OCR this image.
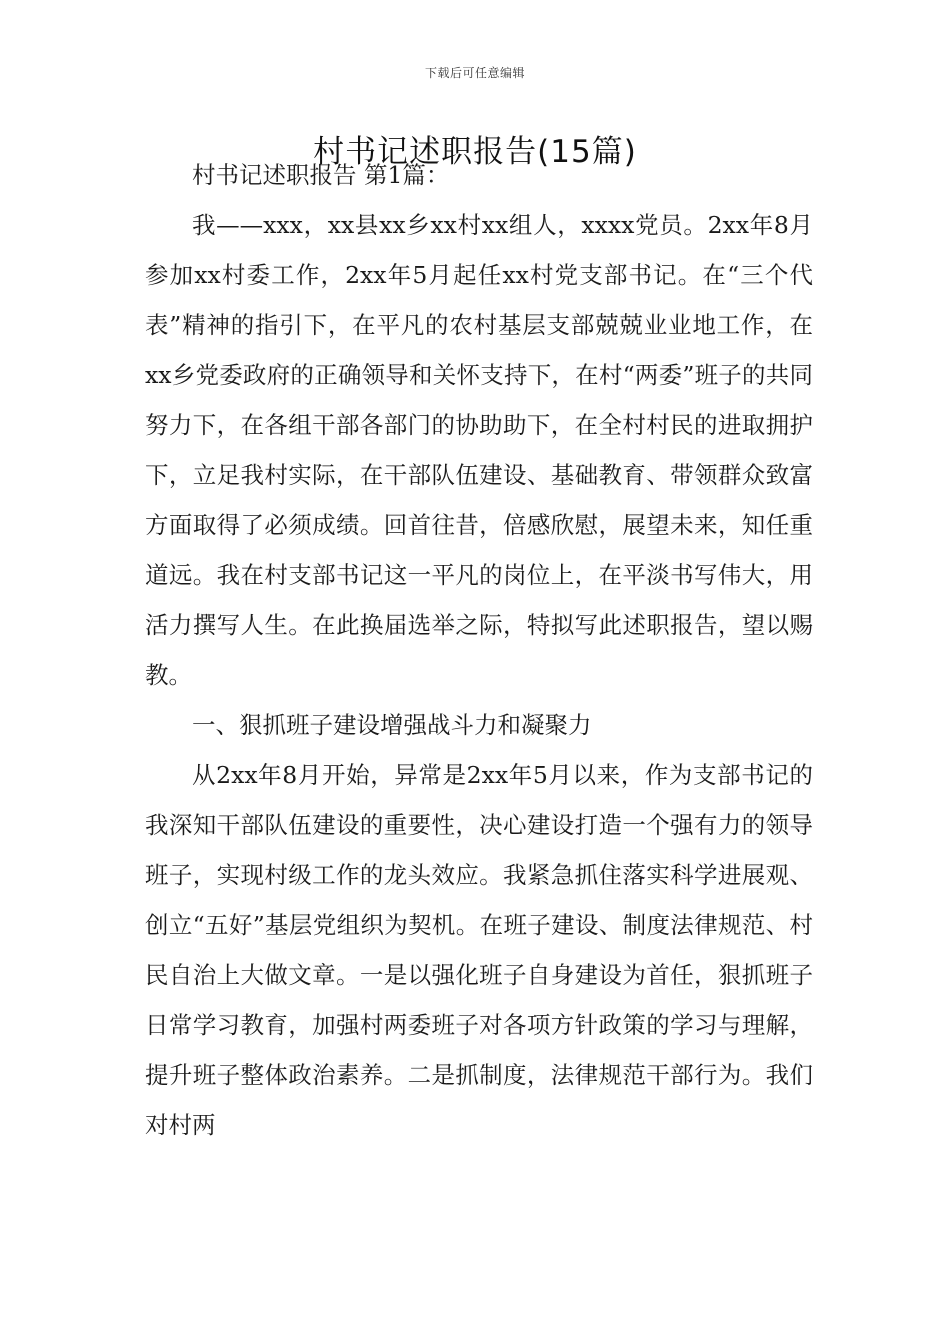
下载后可任意编辑
村书记述职报告(15篇)

村书记述职报告 第1篇：

我——xxx，xx县xx乡xx村xx组人，xxxx党员。2xx年8月参加xx村委工作，2xx年5月起任xx村党支部书记。在“三个代表”精神的指引下，在平凡的农村基层支部兢兢业业地工作，在xx乡党委政府的正确领导和关怀支持下，在村“两委”班子的共同努力下，在各组干部各部门的协助助下，在全村村民的进取拥护下，立足我村实际，在干部队伍建设、基础教育、带领群众致富方面取得了必须成绩。回首往昔，倍感欣慰，展望未来，知任重道远。我在村支部书记这一平凡的岗位上，在平淡书写伟大，用活力撰写人生。在此换届选举之际，特拟写此述职报告，望以赐教。

一、狠抓班子建设增强战斗力和凝聚力

从2xx年8月开始，异常是2xx年5月以来，作为支部书记的我深知干部队伍建设的重要性，决心建设打造一个强有力的领导班子，实现村级工作的龙头效应。我紧急抓住落实科学进展观、创立“五好”基层党组织为契机。在班子建设、制度法律规范、村民自治上大做文章。一是以强化班子自身建设为首任，狠抓班子日常学习教育，加强村两委班子对各项方针政策的学习与理解，提升班子整体政治素养。二是抓制度，法律规范干部行为。我们对村两
